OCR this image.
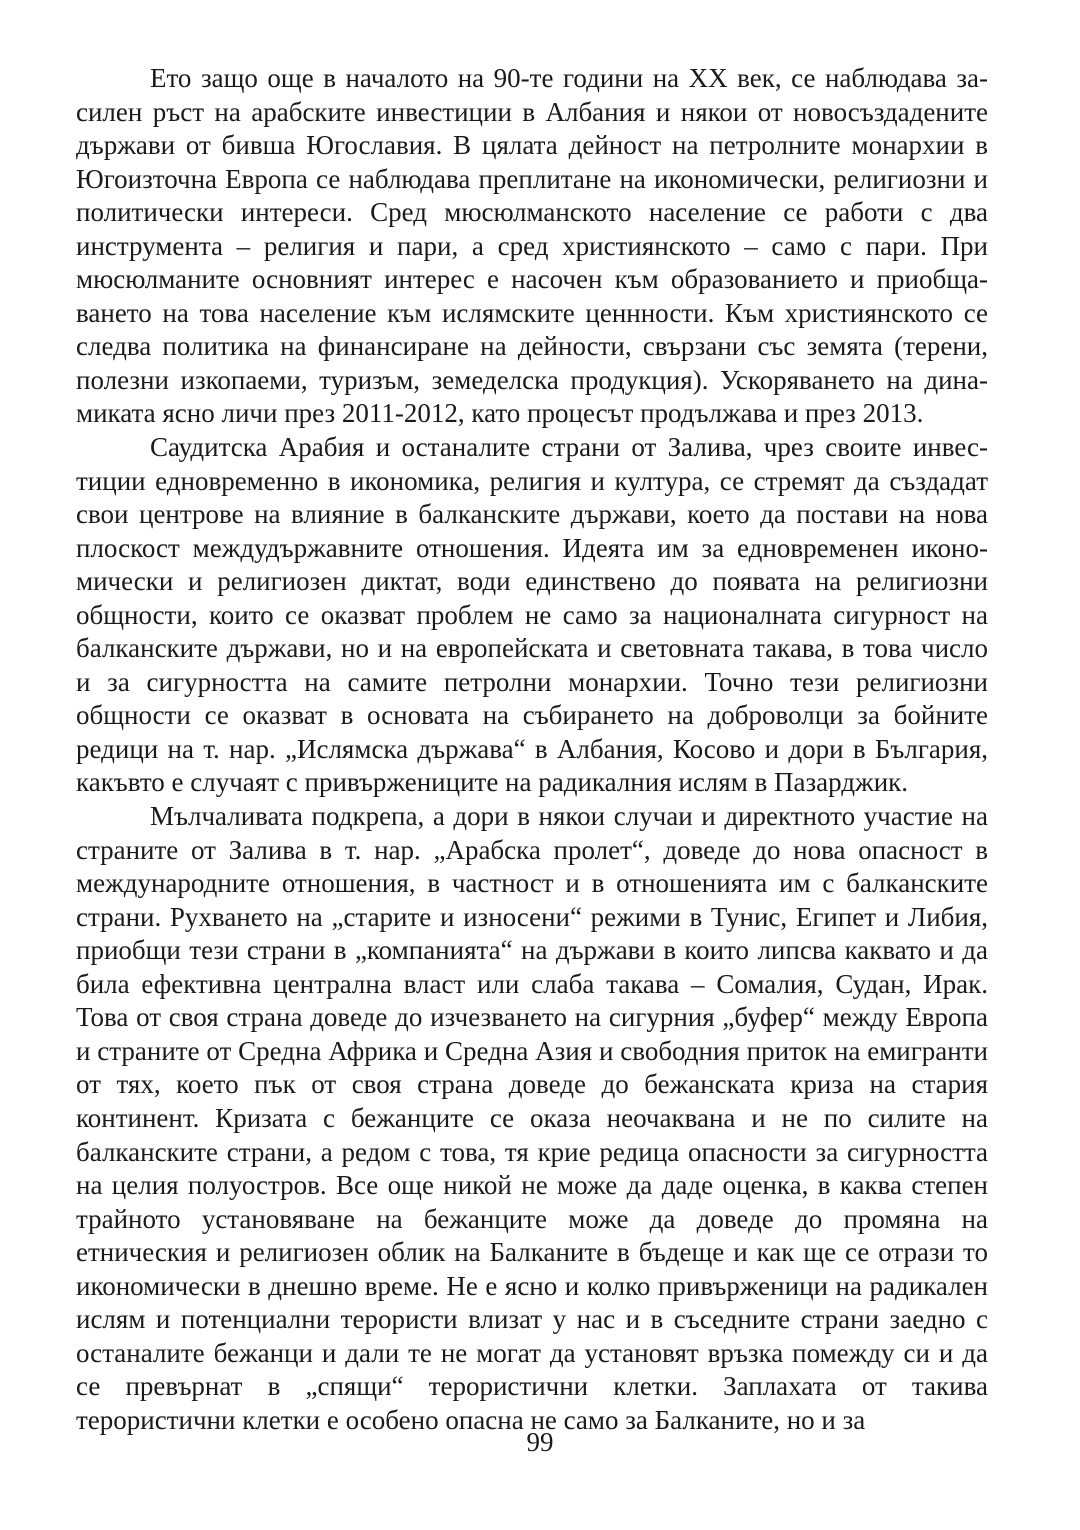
Ето защо още в началото на 90-те години на XX век, се наблюдава засилен ръст на арабските инвестиции в Албания и някои от новосъздадените държави от бивша Югославия. В цялата дейност на петролните монархии в Югоизточна Европа се наблюдава преплитане на икономически, религиозни и политически интереси. Сред мюсюлманското население се работи с два инструмента – религия и пари, а сред християнското – само с пари. При мюсюлманите основният интерес е насочен към образованието и приобщаването на това население към ислямските ценнности. Към християнското се следва политика на финансиране на дейности, свързани със земята (терени, полезни изкопаеми, туризъм, земеделска продукция). Ускоряването на динамиката ясно личи през 2011-2012, като процесът продължава и през 2013.

Саудитска Арабия и останалите страни от Залива, чрез своите инвестиции едновременно в икономика, религия и култура, се стремят да създадат свои центрове на влияние в балканските държави, което да постави на нова плоскост междудържавните отношения. Идеята им за едновременен икономически и религиозен диктат, води единствено до появата на религиозни общности, които се оказват проблем не само за националната сигурност на балканските държави, но и на европейската и световната такава, в това число и за сигурността на самите петролни монархии. Точно тези религиозни общности се оказват в основата на събирането на доброволци за бойните редици на т. нар. „Ислямска държава“ в Албания, Косово и дори в България, какъвто е случаят с привържениците на радикалния ислям в Пазарджик.

Мълчаливата подкрепа, а дори в някои случаи и директното участие на страните от Залива в т. нар. „Арабска пролет“, доведе до нова опасност в международните отношения, в частност и в отношенията им с балканските страни. Рухването на „старите и износени“ режими в Тунис, Египет и Либия, приобщи тези страни в „компанията“ на държави в които липсва каквато и да била ефективна централна власт или слаба такава – Сомалия, Судан, Ирак. Това от своя страна доведе до изчезването на сигурния „буфер“ между Европа и страните от Средна Африка и Средна Азия и свободния приток на емигранти от тях, което пък от своя страна доведе до бежанската криза на стария континент. Кризата с бежанците се оказа неочаквана и не по силите на балканските страни, а редом с това, тя крие редица опасности за сигурността на целия полуостров. Все още никой не може да даде оценка, в каква степен трайното установяване на бежанците може да доведе до промяна на етническия и религиозен облик на Балканите в бъдеще и как ще се отрази то икономически в днешно време. Не е ясно и колко привърженици на радикален ислям и потенциални терористи влизат у нас и в съседните страни заедно с останалите бежанци и дали те не могат да установят връзка помежду си и да се превърнат в „спящи“ терористични клетки. Заплахата от такива терористични клетки е особено опасна не само за Балканите, но и за

99
